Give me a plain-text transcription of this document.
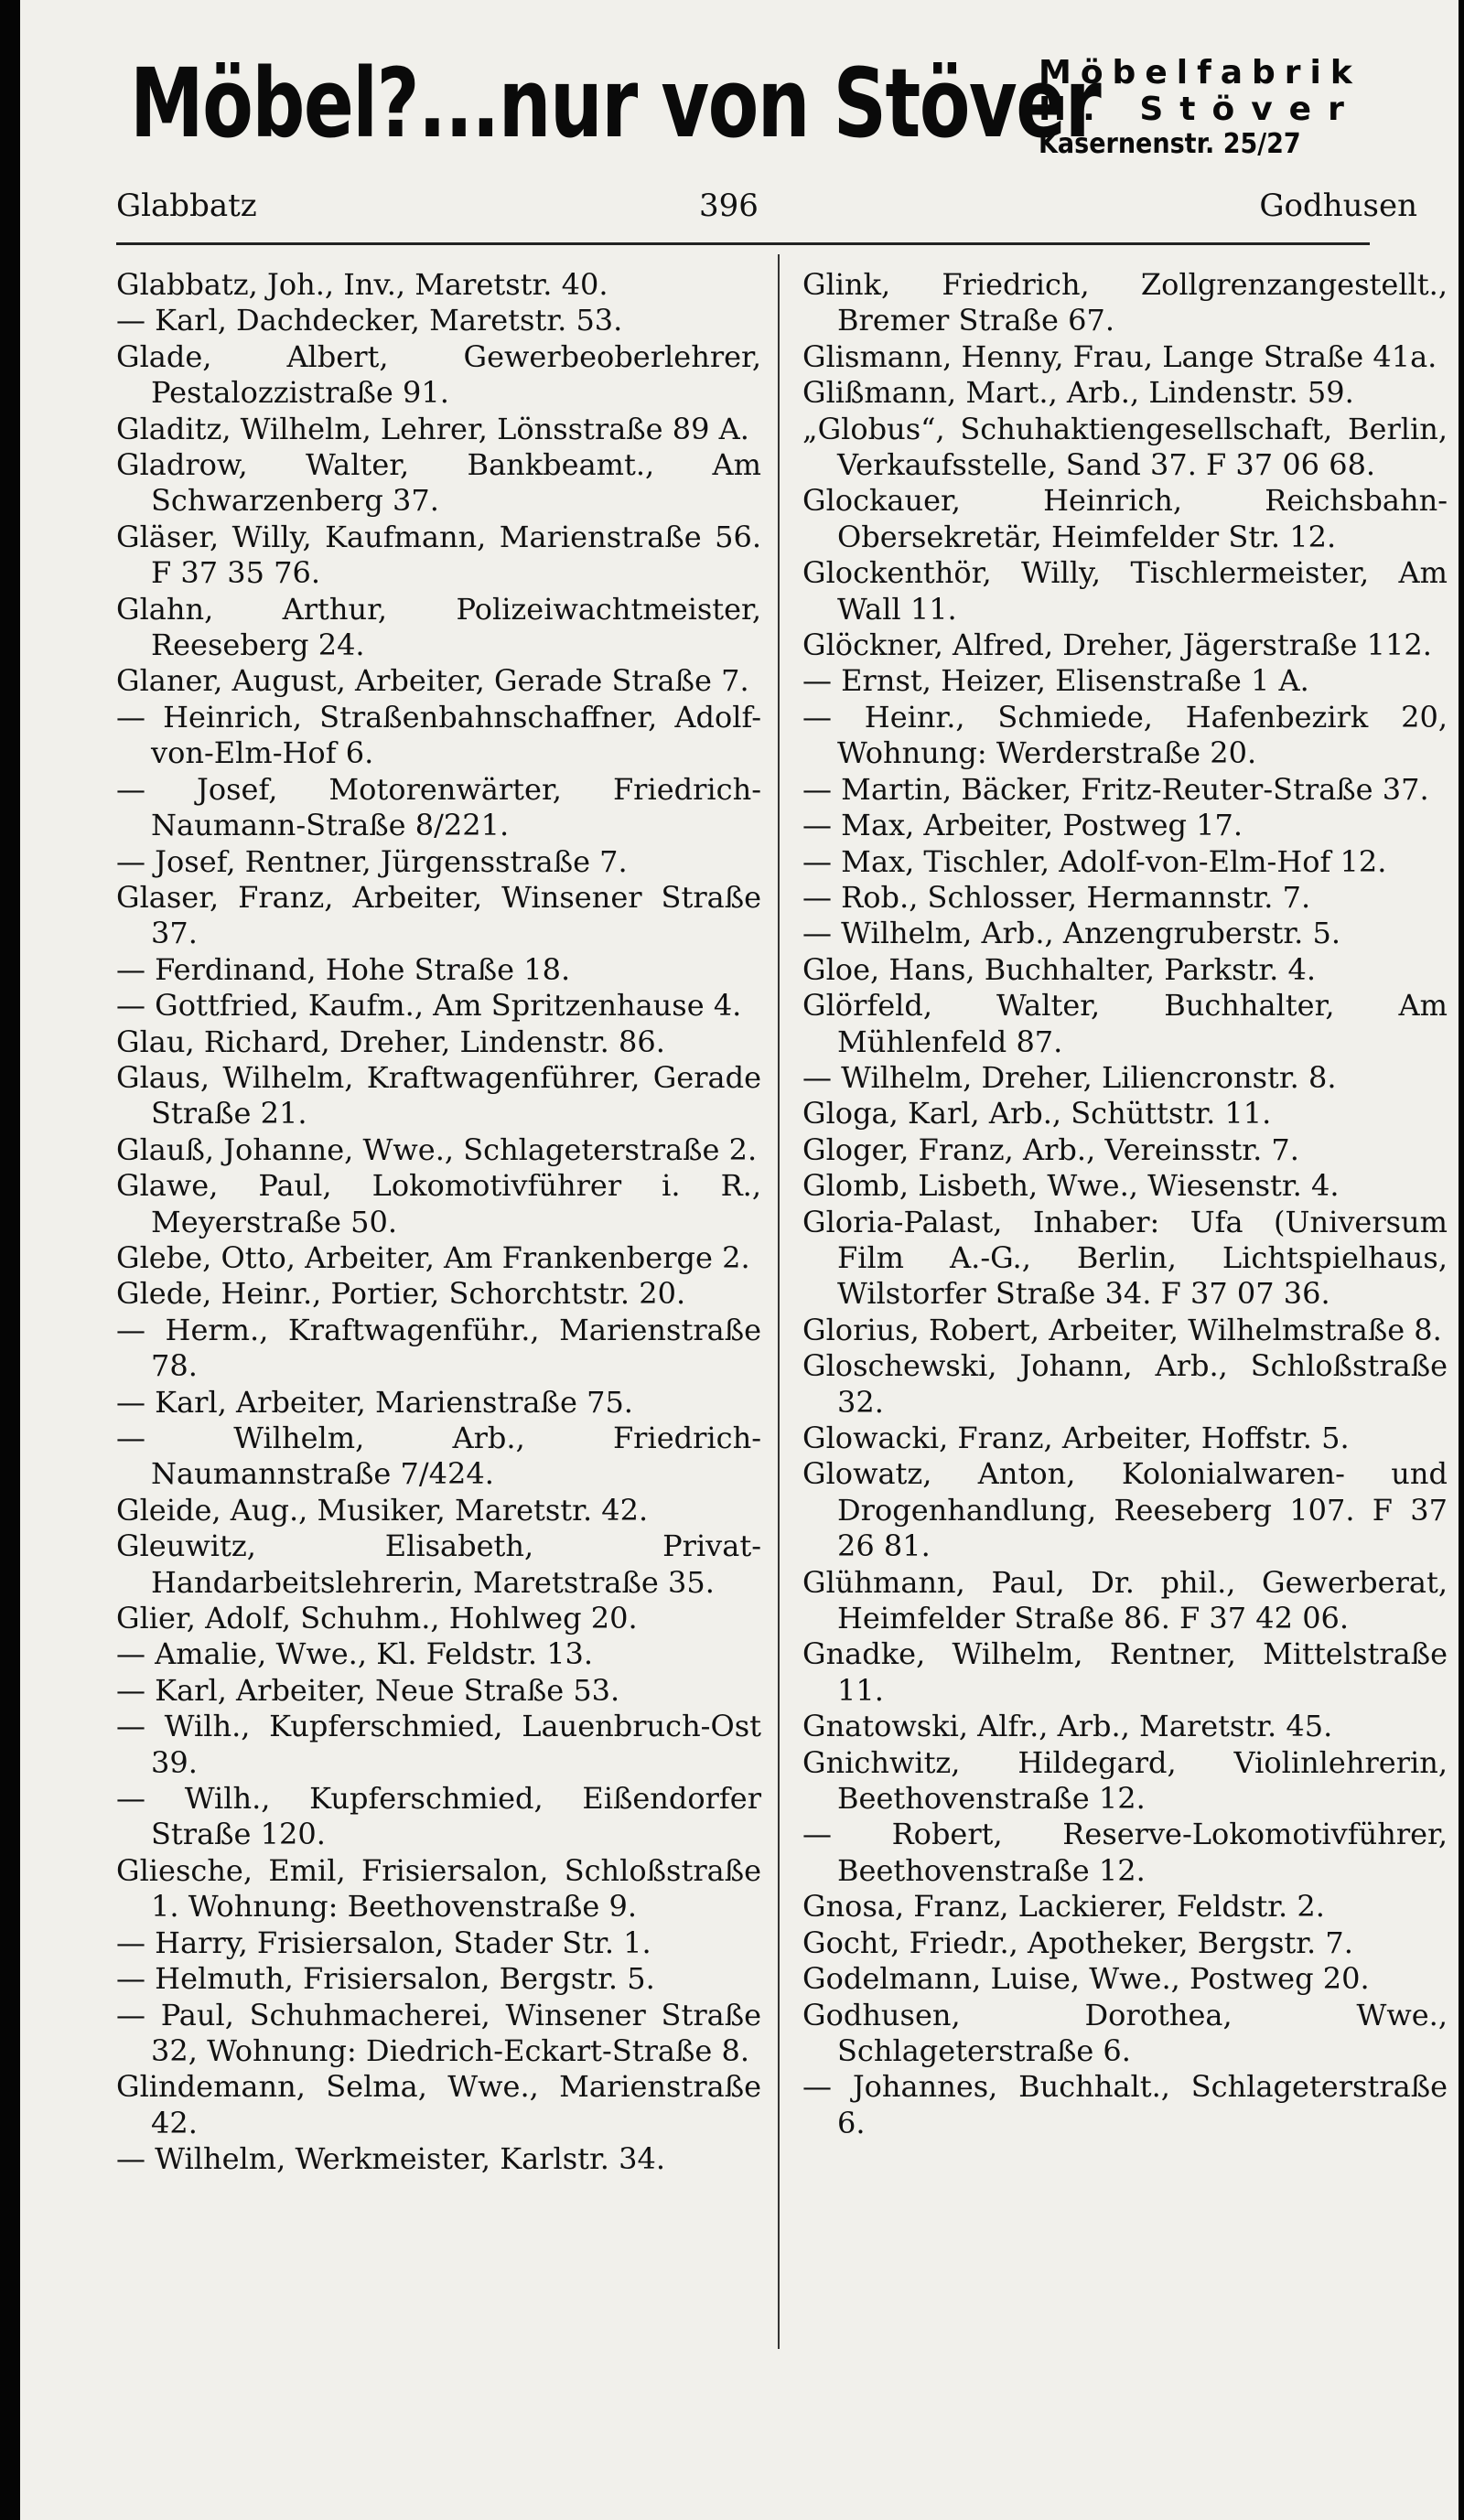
Möbel?...nur von Stöver
Möbelfabrik
H. Stöver
Kasernenstr. 25/27
Glabbatz	396	Godhusen

Glabbatz, Joh., Inv., Maretstr. 40.

— Karl, Dachdecker, Maretstr. 53.

Glade, Albert, Gewerbeoberlehrer, Pestalozzistraße 91.

Gladitz, Wilhelm, Lehrer, Lönsstraße 89 A.

Gladrow, Walter, Bankbeamt., Am Schwarzenberg 37.

Gläser, Willy, Kaufmann, Marienstraße 56. F 37 35 76.

Glahn, Arthur, Polizeiwachtmeister, Reeseberg 24.

Glaner, August, Arbeiter, Gerade Straße 7.

— Heinrich, Straßenbahnschaffner, Adolf-von-Elm-Hof 6.

— Josef, Motorenwärter, Friedrich-Naumann-Straße 8/221.

— Josef, Rentner, Jürgensstraße 7.

Glaser, Franz, Arbeiter, Winsener Straße 37.

— Ferdinand, Hohe Straße 18.

— Gottfried, Kaufm., Am Spritzenhause 4.

Glau, Richard, Dreher, Lindenstr. 86.

Glaus, Wilhelm, Kraftwagenführer, Gerade Straße 21.

Glauß, Johanne, Wwe., Schlageterstraße 2.

Glawe, Paul, Lokomotivführer i. R., Meyerstraße 50.

Glebe, Otto, Arbeiter, Am Frankenberge 2.

Glede, Heinr., Portier, Schorchtstr. 20.

— Herm., Kraftwagenführ., Marienstraße 78.

— Karl, Arbeiter, Marienstraße 75.

— Wilhelm, Arb., Friedrich-Naumannstraße 7/424.

Gleide, Aug., Musiker, Maretstr. 42.

Gleuwitz, Elisabeth, Privat-Handarbeitslehrerin, Maretstraße 35.

Glier, Adolf, Schuhm., Hohlweg 20.

— Amalie, Wwe., Kl. Feldstr. 13.

— Karl, Arbeiter, Neue Straße 53.

— Wilh., Kupferschmied, Lauenbruch-Ost 39.

— Wilh., Kupferschmied, Eißendorfer Straße 120.

Gliesche, Emil, Frisiersalon, Schloßstraße 1. Wohnung: Beethovenstraße 9.

— Harry, Frisiersalon, Stader Str. 1.

— Helmuth, Frisiersalon, Bergstr. 5.

— Paul, Schuhmacherei, Winsener Straße 32, Wohnung: Diedrich-Eckart-Straße 8.

Glindemann, Selma, Wwe., Marienstraße 42.

— Wilhelm, Werkmeister, Karlstr. 34.

Glink, Friedrich, Zollgrenzangestellt., Bremer Straße 67.

Glismann, Henny, Frau, Lange Straße 41a.

Glißmann, Mart., Arb., Lindenstr. 59.

„Globus“, Schuhaktiengesellschaft, Berlin, Verkaufsstelle, Sand 37. F 37 06 68.

Glockauer, Heinrich, Reichsbahn-Obersekretär, Heimfelder Str. 12.

Glockenthör, Willy, Tischlermeister, Am Wall 11.

Glöckner, Alfred, Dreher, Jägerstraße 112.

— Ernst, Heizer, Elisenstraße 1 A.

— Heinr., Schmiede, Hafenbezirk 20, Wohnung: Werderstraße 20.

— Martin, Bäcker, Fritz-Reuter-Straße 37.

— Max, Arbeiter, Postweg 17.

— Max, Tischler, Adolf-von-Elm-Hof 12.

— Rob., Schlosser, Hermannstr. 7.

— Wilhelm, Arb., Anzengruberstr. 5.

Gloe, Hans, Buchhalter, Parkstr. 4.

Glörfeld, Walter, Buchhalter, Am Mühlenfeld 87.

— Wilhelm, Dreher, Liliencronstr. 8.

Gloga, Karl, Arb., Schüttstr. 11.

Gloger, Franz, Arb., Vereinsstr. 7.

Glomb, Lisbeth, Wwe., Wiesenstr. 4.

Gloria-Palast, Inhaber: Ufa (Universum Film A.-G., Berlin, Lichtspielhaus, Wilstorfer Straße 34. F 37 07 36.

Glorius, Robert, Arbeiter, Wilhelmstraße 8.

Gloschewski, Johann, Arb., Schloßstraße 32.

Glowacki, Franz, Arbeiter, Hoffstr. 5.

Glowatz, Anton, Kolonialwaren- und Drogenhandlung, Reeseberg 107. F 37 26 81.

Glühmann, Paul, Dr. phil., Gewerberat, Heimfelder Straße 86. F 37 42 06.

Gnadke, Wilhelm, Rentner, Mittelstraße 11.

Gnatowski, Alfr., Arb., Maretstr. 45.

Gnichwitz, Hildegard, Violinlehrerin, Beethovenstraße 12.

— Robert, Reserve-Lokomotivführer, Beethovenstraße 12.

Gnosa, Franz, Lackierer, Feldstr. 2.

Gocht, Friedr., Apotheker, Bergstr. 7.

Godelmann, Luise, Wwe., Postweg 20.

Godhusen, Dorothea, Wwe., Schlageterstraße 6.

— Johannes, Buchhalt., Schlageterstraße 6.
